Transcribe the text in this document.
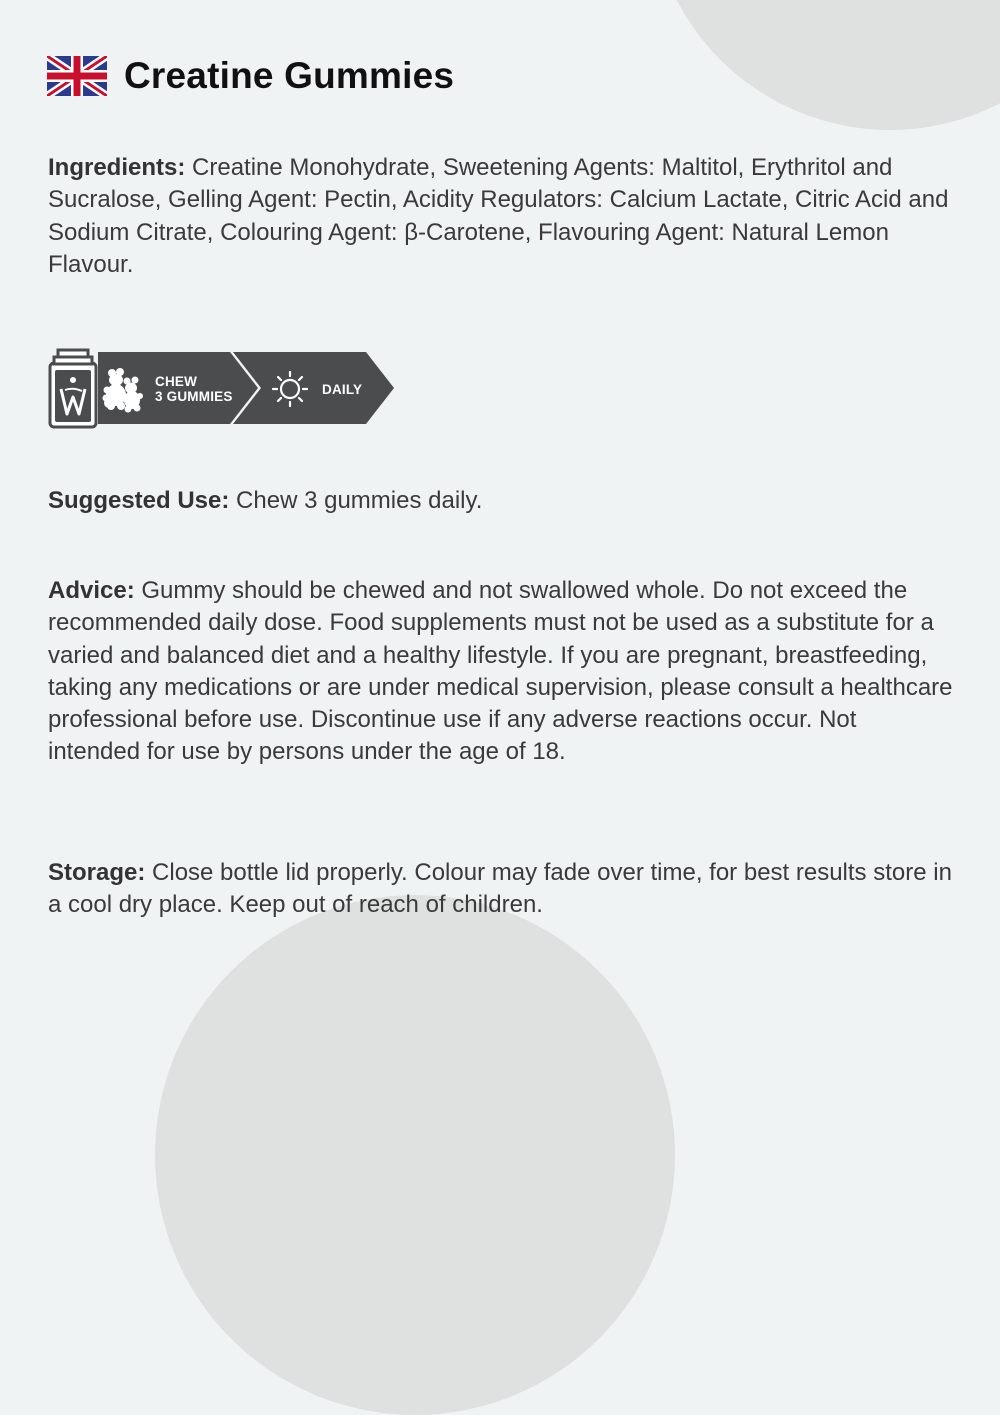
Creatine Gummies
Ingredients: Creatine Monohydrate, Sweetening Agents: Maltitol, Erythritol and Sucralose, Gelling Agent: Pectin, Acidity Regulators: Calcium Lactate, Citric Acid and Sodium Citrate, Colouring Agent: β-Carotene, Flavouring Agent: Natural Lemon Flavour.
CHEW
3 GUMMIES	DAILY
Suggested Use: Chew 3 gummies daily.
Advice: Gummy should be chewed and not swallowed whole. Do not exceed the recommended daily dose. Food supplements must not be used as a substitute for a varied and balanced diet and a healthy lifestyle. If you are pregnant, breastfeeding, taking any medications or are under medical supervision, please consult a healthcare professional before use. Discontinue use if any adverse reactions occur. Not intended for use by persons under the age of 18.
Storage: Close bottle lid properly. Colour may fade over time, for best results store in a cool dry place. Keep out of reach of children.
